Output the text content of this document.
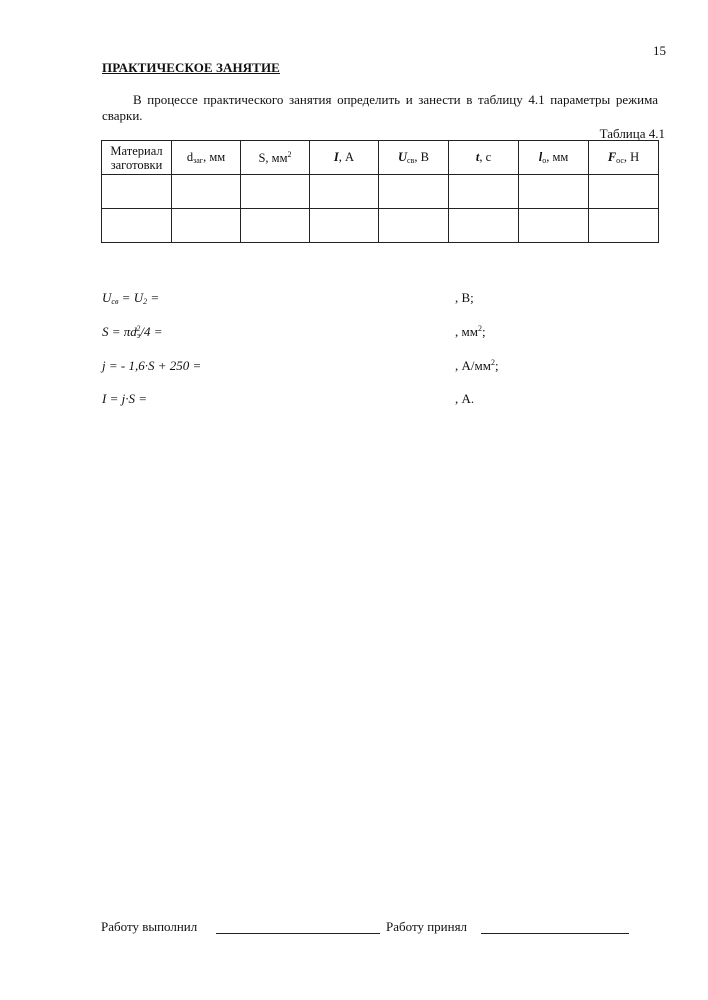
15
ПРАКТИЧЕСКОЕ ЗАНЯТИЕ
В процессе практического занятия определить и занести в таблицу 4.1 параметры режима сварки.
Таблица 4.1
Материал заготовки	$d_{заг}$, мм	S, $мм^2$	I, А	$U_{св}$, В	t, с	$l_о$, мм	$F_{ос}$, Н

$U_{св} = U_2$ =	, В;
$S = \pi d_э^2/4$ =	, $мм^2$;
j = - 1,6·S + 250 =	, $А/мм^2$;
I = j·S =	, А.
Работу выполнил	Работу принял
